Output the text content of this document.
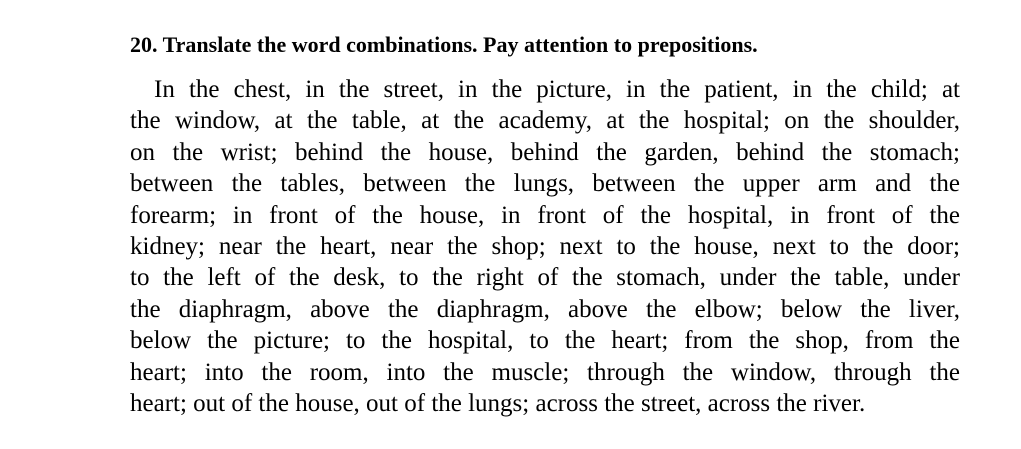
20. Translate the word combinations. Pay attention to prepositions.
In the chest, in the street, in the picture, in the patient, in the child; at
the window, at the table, at the academy, at the hospital; on the shoulder,
on the wrist; behind the house, behind the garden, behind the stomach;
between the tables, between the lungs, between the upper arm and the
forearm; in front of the house, in front of the hospital, in front of the
kidney; near the heart, near the shop; next to the house, next to the door;
to the left of the desk, to the right of the stomach, under the table, under
the diaphragm, above the diaphragm, above the elbow; below the liver,
below the picture; to the hospital, to the heart; from the shop, from the
heart; into the room, into the muscle; through the window, through the
heart; out of the house, out of the lungs; across the street, across the river.
